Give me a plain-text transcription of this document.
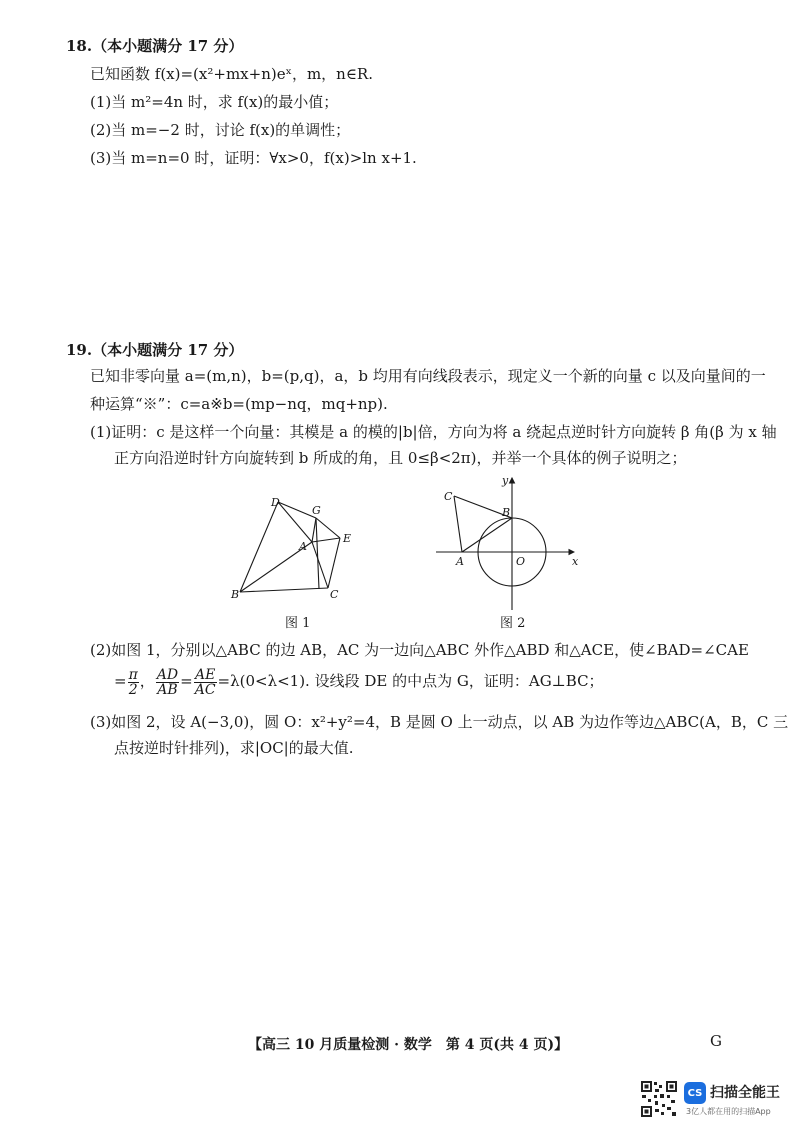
18.（本小题满分 17 分）
已知函数 f(x)=(x²+mx+n)eˣ，m，n∈R.
(1)当 m²=4n 时，求 f(x)的最小值；
(2)当 m=−2 时，讨论 f(x)的单调性；
(3)当 m=n=0 时，证明：∀x>0，f(x)>ln x+1.
19.（本小题满分 17 分）
已知非零向量 a=(m,n)，b=(p,q)，a，b 均用有向线段表示，现定义一个新的向量 c 以及向量间的一
种运算“※”：c=a※b=(mp−nq，mq+np).
(1)证明：c 是这样一个向量：其模是 a 的模的|b|倍，方向为将 a 绕起点逆时针方向旋转 β 角(β 为 x 轴
正方向沿逆时针方向旋转到 b 所成的角，且 0≤β<2π)，并举一个具体的例子说明之；
D
G
A
E
B	C
图 1
y
C
B
A	O	x
图 2
(2)如图 1，分别以△ABC 的边 AB，AC 为一边向△ABC 外作△ABD 和△ACE，使∠BAD=∠CAE
= $\frac{\pi}{2}$ ， $\frac{AD}{AB} = \frac{AE}{AC} =\lambda(0<\lambda<1)$. 设线段 DE 的中点为 G，证明：AG⊥BC；
(3)如图 2，设 A(−3,0)，圆 O：x²+y²=4，B 是圆 O 上一动点，以 AB 为边作等边△ABC(A，B，C 三
点按逆时针排列)，求|OC|的最大值.
【高三 10 月质量检测 · 数学　第 4 页(共 4 页)】	G
CS 扫描全能王
3亿人都在用的扫描App
